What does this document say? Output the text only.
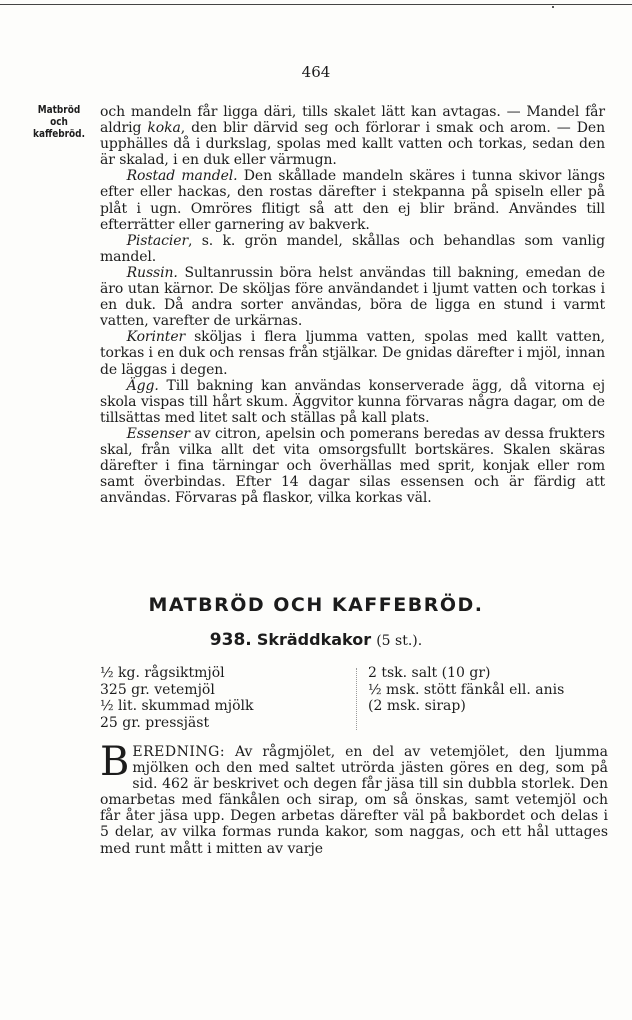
464
Matbröd
och
kaffebröd.

och mandeln får ligga däri, tills skalet lätt kan avtagas. — Mandel får aldrig koka, den blir därvid seg och förlorar i smak och arom. — Den upphälles då i durkslag, spolas med kallt vatten och torkas, sedan den är skalad, i en duk eller värmugn.

Rostad mandel. Den skållade mandeln skäres i tunna skivor längs efter eller hackas, den rostas därefter i stekpanna på spiseln eller på plåt i ugn. Omröres flitigt så att den ej blir bränd. Användes till efterrätter eller garnering av bakverk.

Pistacier, s. k. grön mandel, skållas och behandlas som vanlig mandel.

Russin. Sultanrussin böra helst användas till bakning, emedan de äro utan kärnor. De sköljas före användandet i ljumt vatten och torkas i en duk. Då andra sorter användas, böra de ligga en stund i varmt vatten, varefter de urkärnas.

Korinter sköljas i flera ljumma vatten, spolas med kallt vatten, torkas i en duk och rensas från stjälkar. De gnidas därefter i mjöl, innan de läggas i degen.

Ägg. Till bakning kan användas konserverade ägg, då vitorna ej skola vispas till hårt skum. Äggvitor kunna förvaras några dagar, om de tillsättas med litet salt och ställas på kall plats.

Essenser av citron, apelsin och pomerans beredas av dessa frukters skal, från vilka allt det vita omsorgsfullt bortskäres. Skalen skäras därefter i fina tärningar och överhällas med sprit, konjak eller rom samt överbindas. Efter 14 dagar silas essensen och är färdig att användas. Förvaras på flaskor, vilka korkas väl.

MATBRÖD OCH KAFFEBRÖD.
938. Skräddkakor (5 st.).
½ kg. rågsiktmjöl
325 gr. vetemjöl
½ lit. skummad mjölk
25 gr. pressjäst
2 tsk. salt (10 gr)
½ msk. stött fänkål ell. anis
(2 msk. sirap)
BEREDNING: Av rågmjölet, en del av vetemjölet, den ljumma mjölken och den med saltet utrörda jästen göres en deg, som på sid. 462 är beskrivet och degen får jäsa till sin dubbla storlek. Den omarbetas med fänkålen och sirap, om så önskas, samt vetemjöl och får åter jäsa upp. Degen arbetas därefter väl på bakbordet och delas i 5 delar, av vilka formas runda kakor, som naggas, och ett hål uttages med runt mått i mitten av varje
